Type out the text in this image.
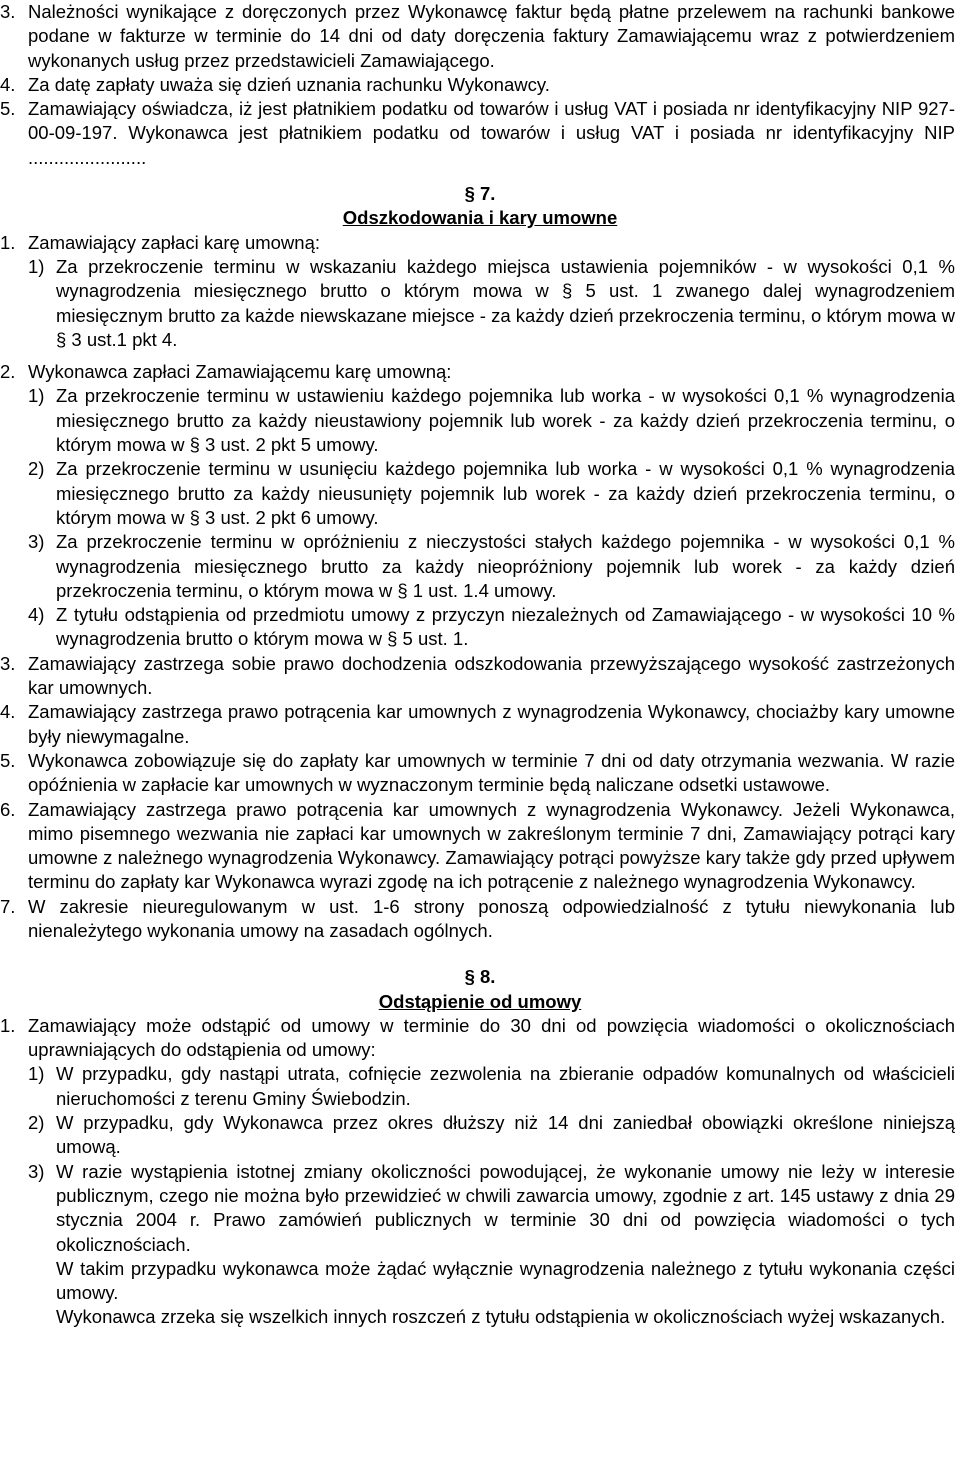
3. Należności wynikające z doręczonych przez Wykonawcę faktur będą płatne przelewem na rachunki bankowe podane w fakturze w terminie do 14 dni od daty doręczenia faktury Zamawiającemu wraz z potwierdzeniem wykonanych usług przez przedstawicieli Zamawiającego.
4. Za datę zapłaty uważa się dzień uznania rachunku Wykonawcy.
5. Zamawiający oświadcza, iż jest płatnikiem podatku od towarów i usług VAT i posiada nr identyfikacyjny NIP 927-00-09-197. Wykonawca jest płatnikiem podatku od towarów i usług VAT i posiada nr identyfikacyjny NIP .......................

§ 7.

Odszkodowania i kary umowne

1. Zamawiający zapłaci karę umowną:
1) Za przekroczenie terminu w wskazaniu każdego miejsca ustawienia pojemników - w wysokości 0,1 % wynagrodzenia miesięcznego brutto o którym mowa w § 5 ust. 1 zwanego dalej wynagrodzeniem miesięcznym brutto za każde niewskazane miejsce - za każdy dzień przekroczenia terminu, o którym mowa w § 3 ust.1 pkt 4.
2. Wykonawca zapłaci Zamawiającemu karę umowną:
1) Za przekroczenie terminu w ustawieniu każdego pojemnika lub worka - w wysokości 0,1 % wynagrodzenia miesięcznego brutto za każdy nieustawiony pojemnik lub worek - za każdy dzień przekroczenia terminu, o którym mowa w § 3 ust. 2 pkt 5 umowy.
2) Za przekroczenie terminu w usunięciu każdego pojemnika lub worka - w wysokości 0,1 % wynagrodzenia miesięcznego brutto za każdy nieusunięty pojemnik lub worek - za każdy dzień przekroczenia terminu, o którym mowa w § 3 ust. 2 pkt 6 umowy.
3) Za przekroczenie terminu w opróżnieniu z nieczystości stałych każdego pojemnika - w wysokości 0,1 % wynagrodzenia miesięcznego brutto za każdy nieopróżniony pojemnik lub worek - za każdy dzień przekroczenia terminu, o którym mowa w § 1 ust. 1.4 umowy.
4) Z tytułu odstąpienia od przedmiotu umowy z przyczyn niezależnych od Zamawiającego - w wysokości 10 % wynagrodzenia brutto o którym mowa w § 5 ust. 1.
3. Zamawiający zastrzega sobie prawo dochodzenia odszkodowania przewyższającego wysokość zastrzeżonych kar umownych.
4. Zamawiający zastrzega prawo potrącenia kar umownych z wynagrodzenia Wykonawcy, chociażby kary umowne były niewymagalne.
5. Wykonawca zobowiązuje się do zapłaty kar umownych w terminie 7 dni od daty otrzymania wezwania. W razie opóźnienia w zapłacie kar umownych w wyznaczonym terminie będą naliczane odsetki ustawowe.
6. Zamawiający zastrzega prawo potrącenia kar umownych z wynagrodzenia Wykonawcy. Jeżeli Wykonawca, mimo pisemnego wezwania nie zapłaci kar umownych w zakreślonym terminie 7 dni, Zamawiający potrąci kary umowne z należnego wynagrodzenia Wykonawcy. Zamawiający potrąci powyższe kary także gdy przed upływem terminu do zapłaty kar Wykonawca wyrazi zgodę na ich potrącenie z należnego wynagrodzenia Wykonawcy.
7. W zakresie nieuregulowanym w ust. 1-6 strony ponoszą odpowiedzialność z tytułu niewykonania lub nienależytego wykonania umowy na zasadach ogólnych.

§ 8.

Odstąpienie od umowy

1. Zamawiający może odstąpić od umowy w terminie do 30 dni od powzięcia wiadomości o okolicznościach uprawniających do odstąpienia od umowy:
1) W przypadku, gdy nastąpi utrata, cofnięcie zezwolenia na zbieranie odpadów komunalnych od właścicieli nieruchomości z terenu Gminy Świebodzin.
2) W przypadku, gdy Wykonawca przez okres dłuższy niż 14 dni zaniedbał obowiązki określone niniejszą umową.
3) W razie wystąpienia istotnej zmiany okoliczności powodującej, że wykonanie umowy nie leży w interesie publicznym, czego nie można było przewidzieć w chwili zawarcia umowy, zgodnie z art. 145 ustawy z dnia 29 stycznia 2004 r. Prawo zamówień publicznych w terminie 30 dni od powzięcia wiadomości o tych okolicznościach.
W takim przypadku wykonawca może żądać wyłącznie wynagrodzenia należnego z tytułu wykonania części umowy.
Wykonawca zrzeka się wszelkich innych roszczeń z tytułu odstąpienia w okolicznościach wyżej wskazanych.
